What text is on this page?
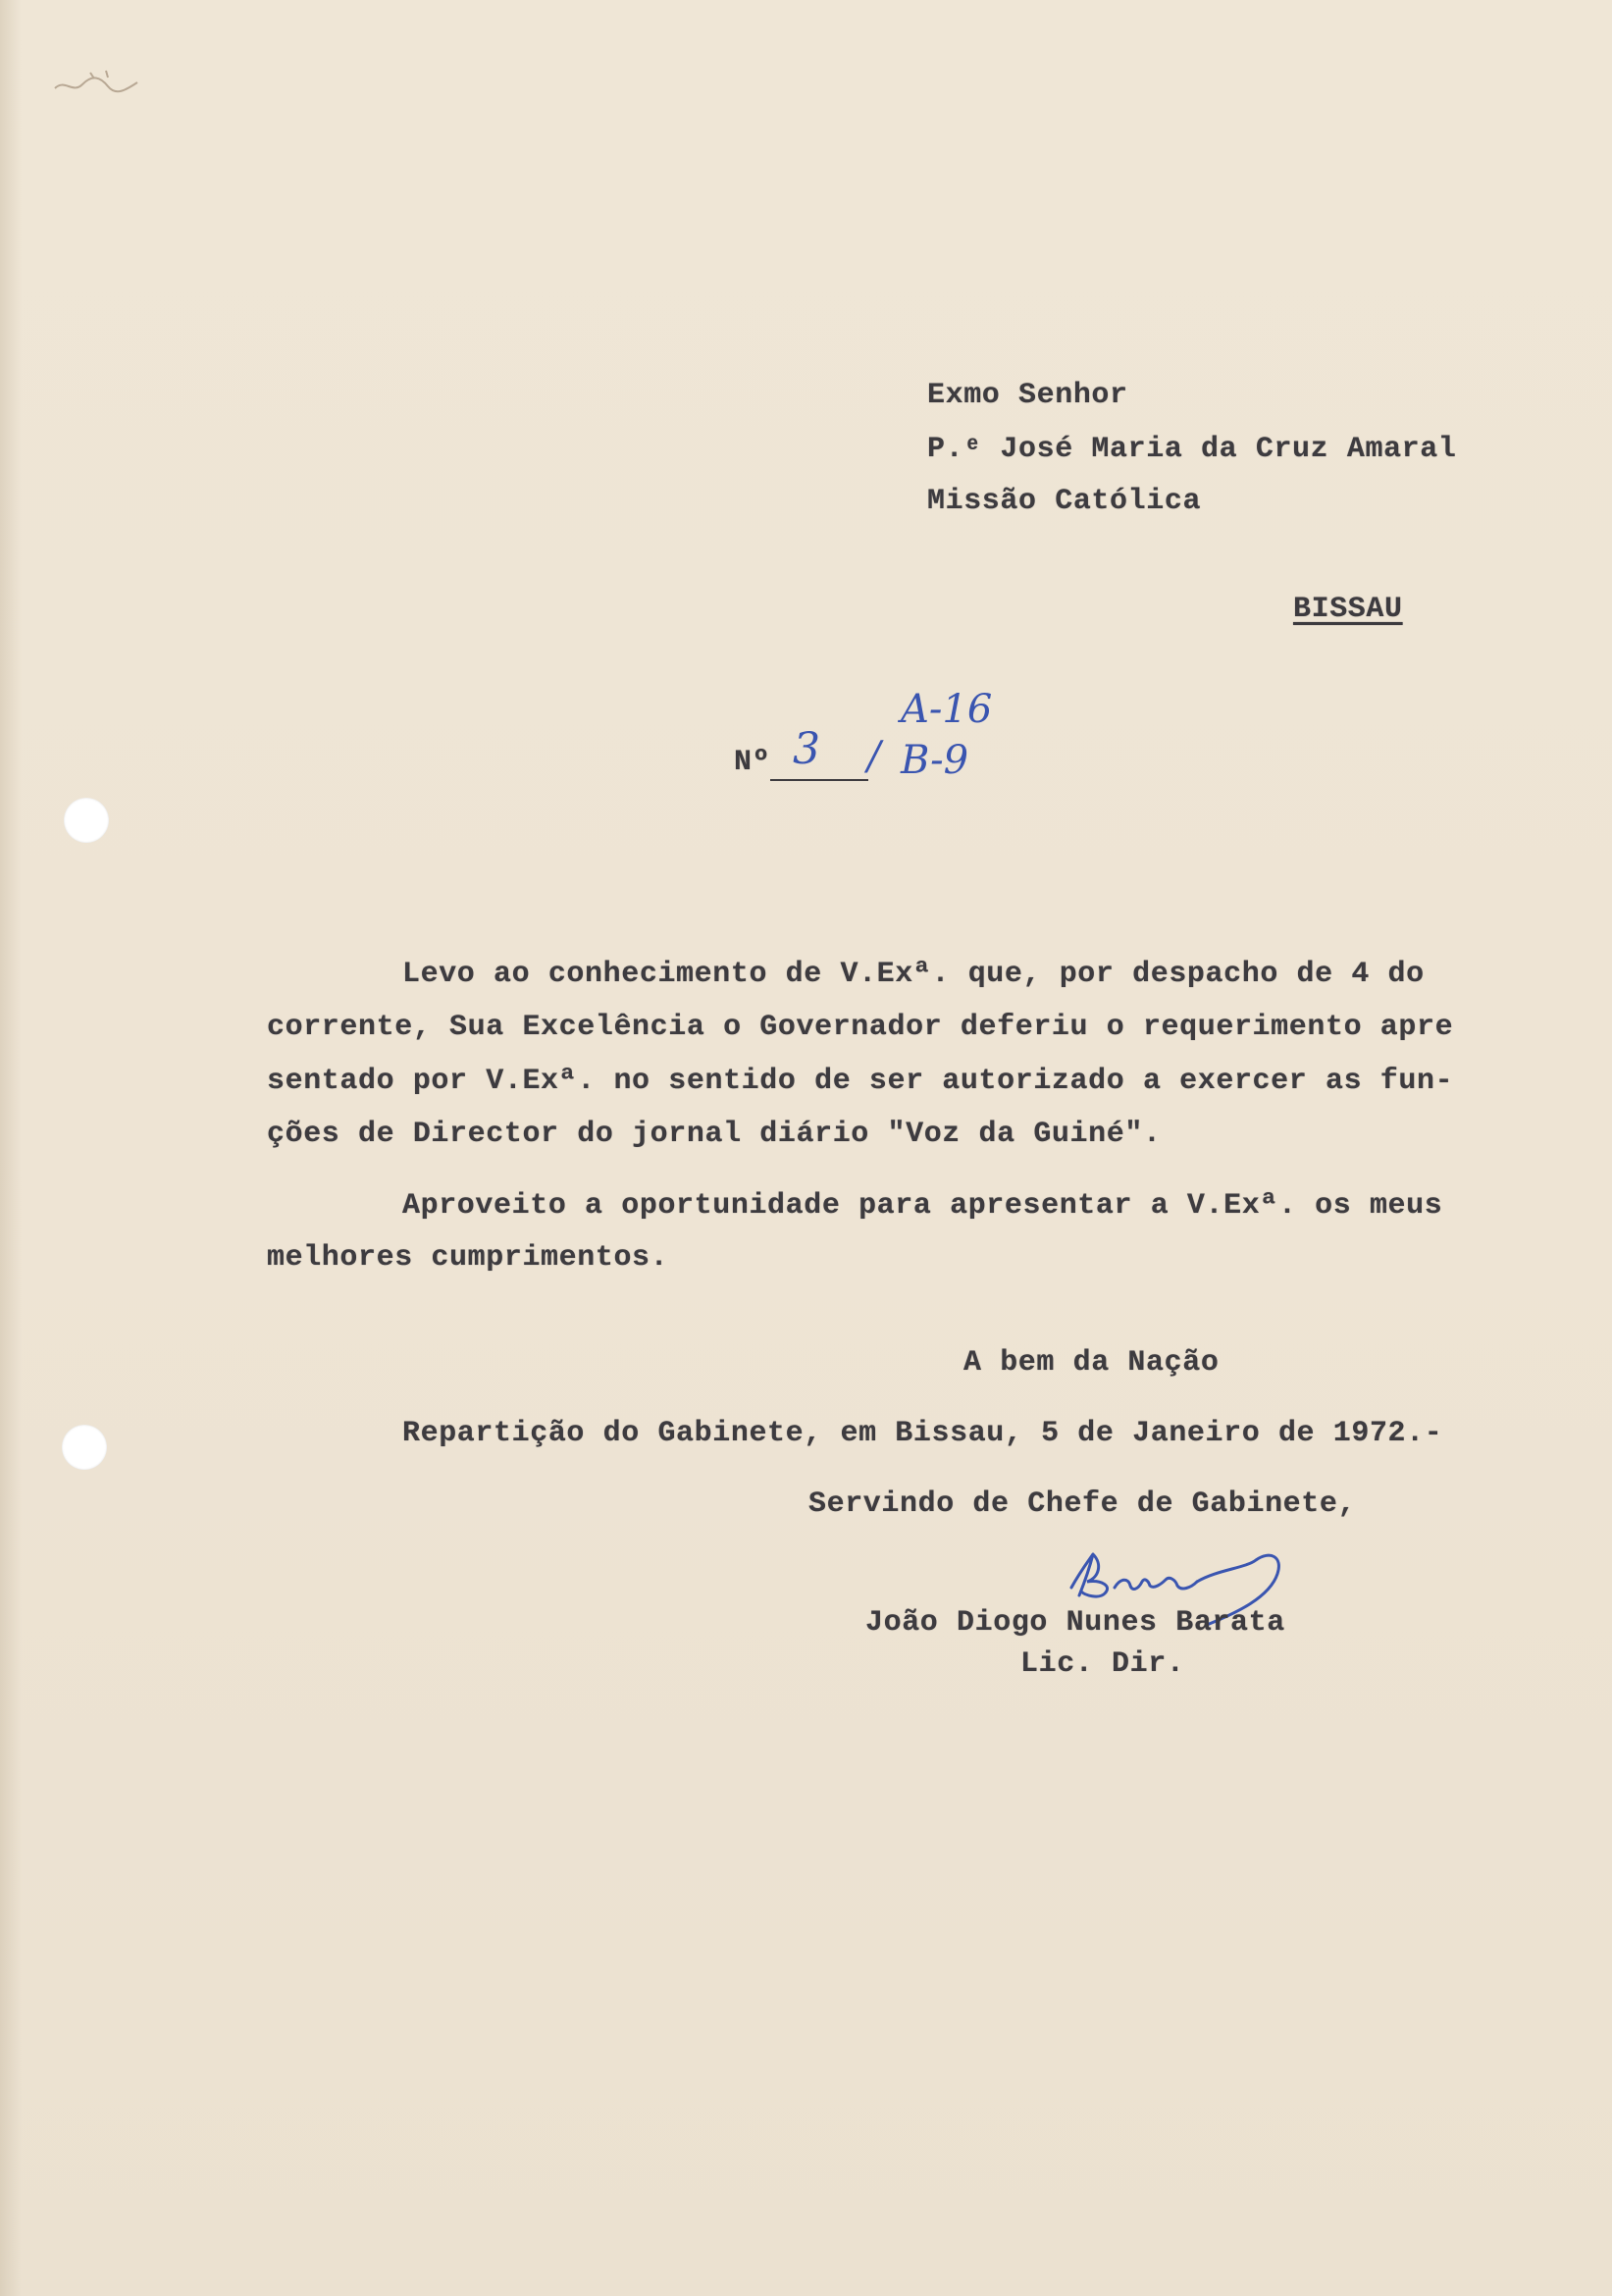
Exmo Senhor
P.ᵉ José Maria da Cruz Amaral
Missão Católica
BISSAU
Nº 3 /
A-16
B-9
Levo ao conhecimento de V.Exª. que, por despacho de 4 do
corrente, Sua Excelência o Governador deferiu o requerimento apre
sentado por V.Exª. no sentido de ser autorizado a exercer as fun-
ções de Director do jornal diário "Voz da Guiné".
Aproveito a oportunidade para apresentar a V.Exª. os meus
melhores cumprimentos.
A bem da Nação
Repartição do Gabinete, em Bissau, 5 de Janeiro de 1972.-
Servindo de Chefe de Gabinete,
João Diogo Nunes Barata
Lic. Dir.
